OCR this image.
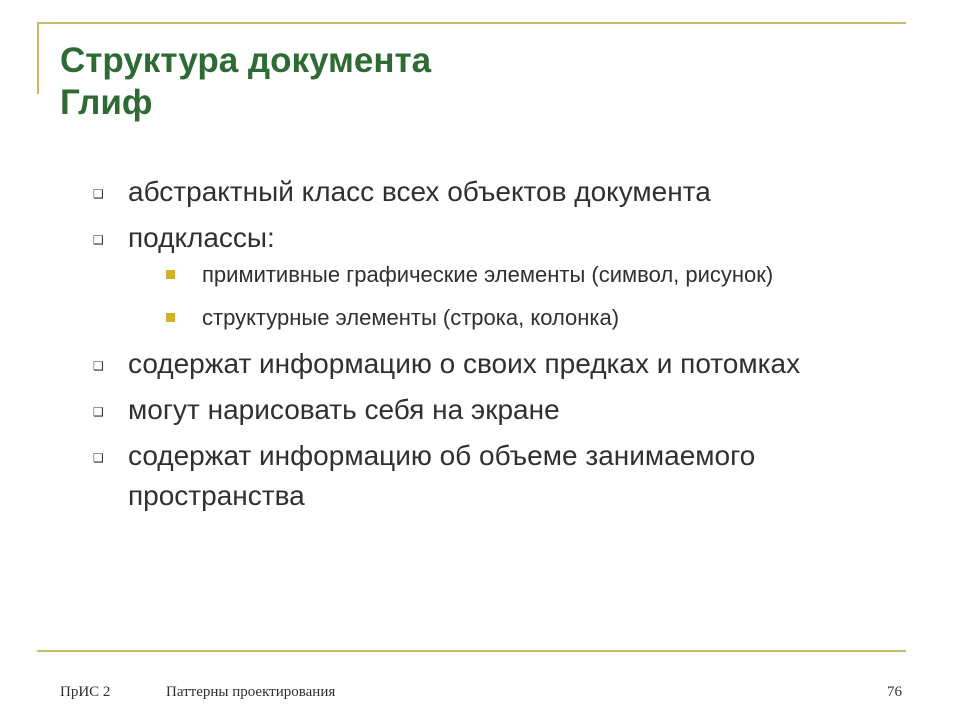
Структура документа
Глиф
❑ абстрактный класс всех объектов документа
❑ подклассы:
примитивные графические элементы (символ, рисунок)
структурные элементы (строка, колонка)
❑ содержат информацию о своих предках и потомках
❑ могут нарисовать себя на экране
❑ содержат информацию об объеме занимаемого пространства
ПрИС 2	Паттерны проектирования	76
